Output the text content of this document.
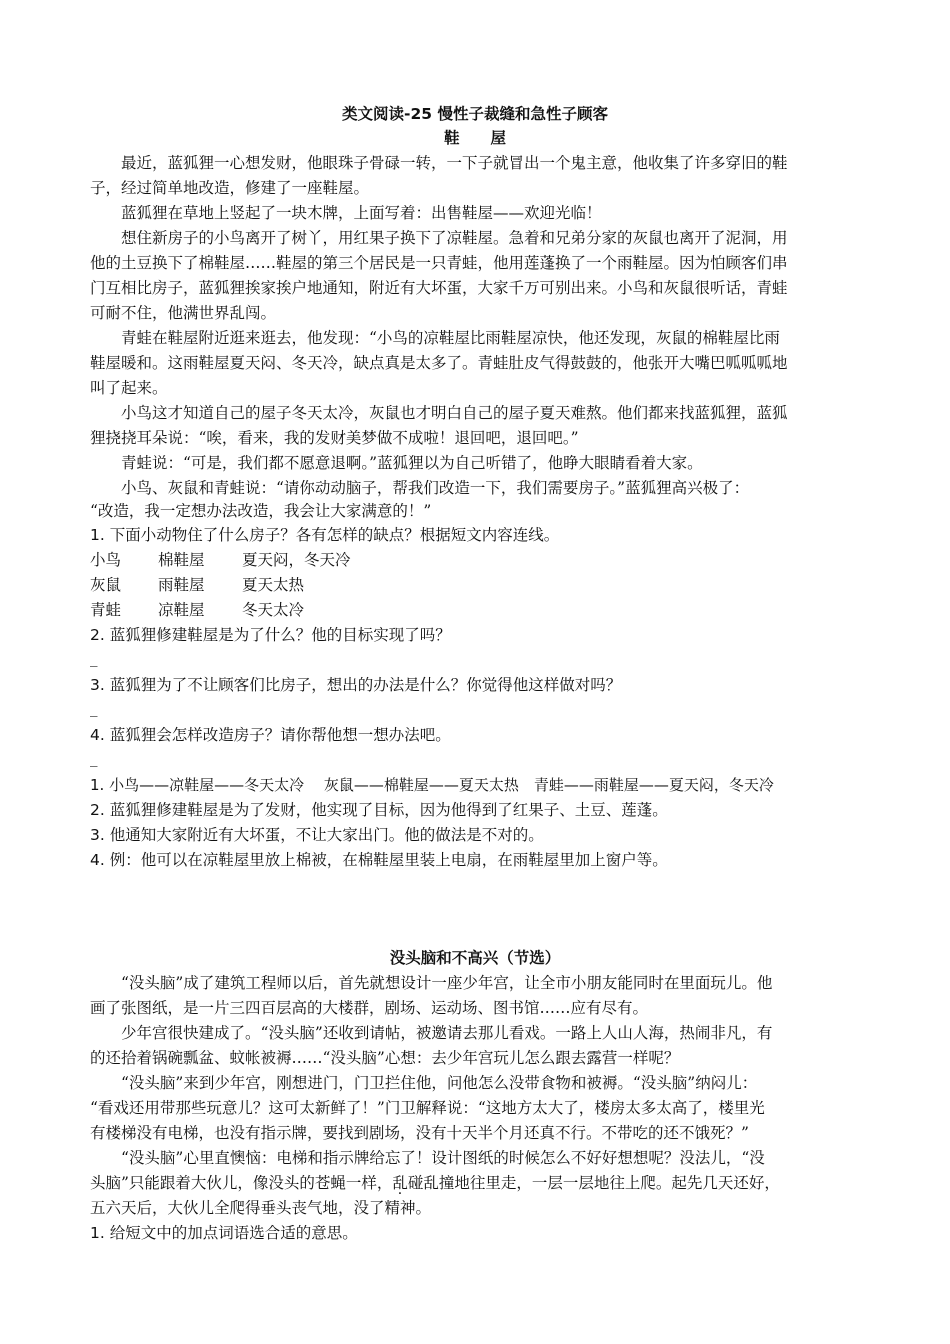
类文阅读-25 慢性子裁缝和急性子顾客
鞋　　屋
最近，蓝狐狸一心想发财，他眼珠子骨碌一转，一下子就冒出一个鬼主意，他收集了许多穿旧的鞋
子，经过简单地改造，修建了一座鞋屋。
蓝狐狸在草地上竖起了一块木牌，上面写着：出售鞋屋——欢迎光临！
想住新房子的小鸟离开了树丫，用红果子换下了凉鞋屋。急着和兄弟分家的灰鼠也离开了泥洞，用
他的土豆换下了棉鞋屋……鞋屋的第三个居民是一只青蛙，他用莲蓬换了一个雨鞋屋。因为怕顾客们串
门互相比房子，蓝狐狸挨家挨户地通知，附近有大坏蛋，大家千万可别出来。小鸟和灰鼠很听话，青蛙
可耐不住，他满世界乱闯。
青蛙在鞋屋附近逛来逛去，他发现：“小鸟的凉鞋屋比雨鞋屋凉快，他还发现，灰鼠的棉鞋屋比雨
鞋屋暖和。这雨鞋屋夏天闷、冬天冷，缺点真是太多了。青蛙肚皮气得鼓鼓的，他张开大嘴巴呱呱呱地
叫了起来。
小鸟这才知道自己的屋子冬天太冷，灰鼠也才明白自己的屋子夏天难熬。他们都来找蓝狐狸，蓝狐
狸挠挠耳朵说：“唉，看来，我的发财美梦做不成啦！退回吧，退回吧。”
青蛙说：“可是，我们都不愿意退啊。”蓝狐狸以为自己听错了，他睁大眼睛看着大家。
小鸟、灰鼠和青蛙说：“请你动动脑子，帮我们改造一下，我们需要房子。”蓝狐狸高兴极了：
“改造，我一定想办法改造，我会让大家满意的！”
1. 下面小动物住了什么房子？各有怎样的缺点？根据短文内容连线。
小鸟 棉鞋屋 夏天闷，冬天冷
灰鼠 雨鞋屋 夏天太热
青蛙 凉鞋屋 冬天太冷
2. 蓝狐狸修建鞋屋是为了什么？他的目标实现了吗？
_
3. 蓝狐狸为了不让顾客们比房子，想出的办法是什么？你觉得他这样做对吗？
_
4. 蓝狐狸会怎样改造房子？请你帮他想一想办法吧。
_
1. 小鸟——凉鞋屋——冬天太冷　 灰鼠——棉鞋屋——夏天太热　青蛙——雨鞋屋——夏天闷，冬天冷
2. 蓝狐狸修建鞋屋是为了发财，他实现了目标，因为他得到了红果子、土豆、莲蓬。
3. 他通知大家附近有大坏蛋，不让大家出门。他的做法是不对的。
4. 例：他可以在凉鞋屋里放上棉被，在棉鞋屋里装上电扇，在雨鞋屋里加上窗户等。
没头脑和不高兴（节选）
“没头脑”成了建筑工程师以后，首先就想设计一座少年宫，让全市小朋友能同时在里面玩儿。他
画了张图纸，是一片三四百层高的大楼群，剧场、运动场、图书馆……应有尽有。
少年宫很快建成了。“没头脑”还收到请帖，被邀请去那儿看戏。一路上人山人海，热闹非凡，有
的还拾着锅碗瓢盆、蚊帐被褥……“没头脑”心想：去少年宫玩儿怎么跟去露营一样呢？
“没头脑”来到少年宫，刚想进门，门卫拦住他，问他怎么没带食物和被褥。“没头脑”纳闷儿：
“看戏还用带那些玩意儿？这可太新鲜了！”门卫解释说：“这地方太大了，楼房太多太高了，楼里光
有楼梯没有电梯，也没有指示牌，要找到剧场，没有十天半个月还真不行。不带吃的还不饿死？”
“没头脑”心里直懊恼：电梯和指示牌给忘了！设计图纸的时候怎么不好好想想呢？没法儿，“没
头脑”只能跟着大伙儿，像没头的苍蝇一样，乱碰乱撞地往里走，一层一层地往上爬。起先几天还好，
五六天后，大伙儿全爬得垂头丧气地，没了精神。
1. 给短文中的加点词语选合适的意思。
